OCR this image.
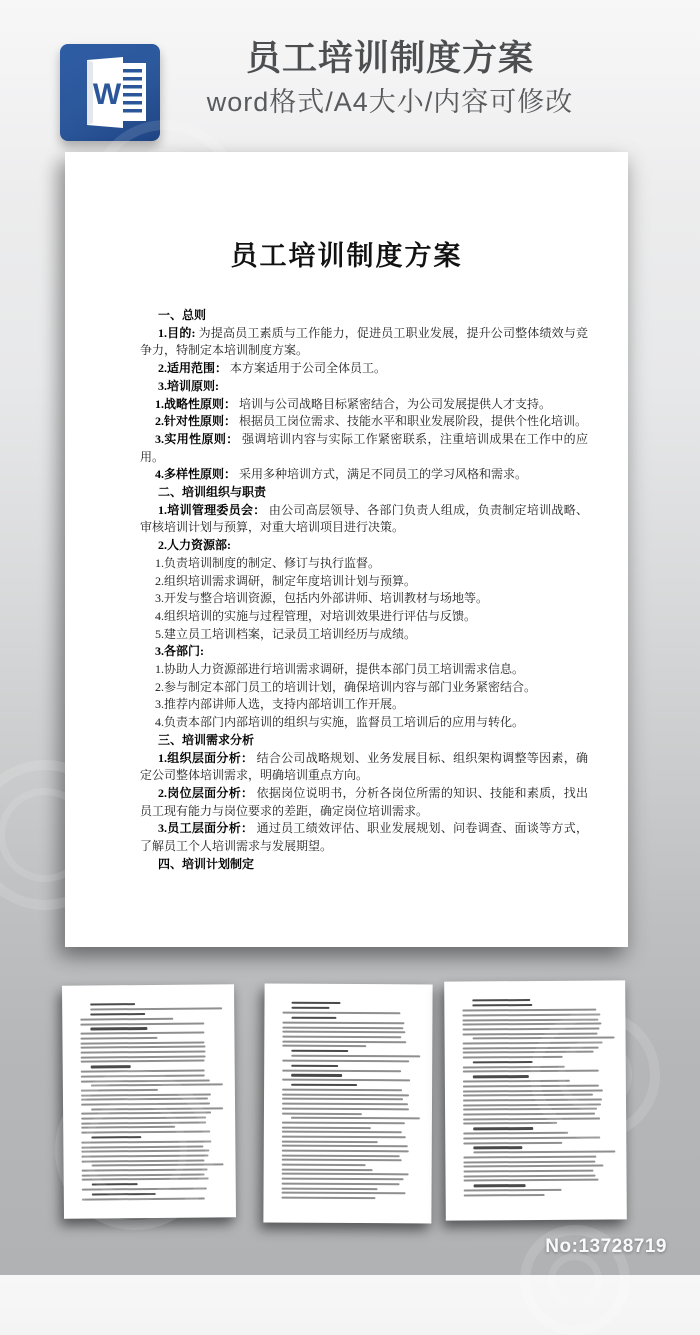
W
员工培训制度方案
word格式/A4大小/内容可修改
员工培训制度方案

一、总则

1.目的: 为提高员工素质与工作能力，促进员工职业发展，提升公司整体绩效与竞争力，特制定本培训制度方案。

2.适用范围： 本方案适用于公司全体员工。

3.培训原则:

1.战略性原则： 培训与公司战略目标紧密结合，为公司发展提供人才支持。

2.针对性原则： 根据员工岗位需求、技能水平和职业发展阶段，提供个性化培训。

3.实用性原则： 强调培训内容与实际工作紧密联系，注重培训成果在工作中的应用。

4.多样性原则： 采用多种培训方式，满足不同员工的学习风格和需求。

二、培训组织与职责

1.培训管理委员会： 由公司高层领导、各部门负责人组成，负责制定培训战略、审核培训计划与预算，对重大培训项目进行决策。

2.人力资源部:

1.负责培训制度的制定、修订与执行监督。

2.组织培训需求调研，制定年度培训计划与预算。

3.开发与整合培训资源，包括内外部讲师、培训教材与场地等。

4.组织培训的实施与过程管理，对培训效果进行评估与反馈。

5.建立员工培训档案，记录员工培训经历与成绩。

3.各部门:

1.协助人力资源部进行培训需求调研，提供本部门员工培训需求信息。

2.参与制定本部门员工的培训计划，确保培训内容与部门业务紧密结合。

3.推荐内部讲师人选，支持内部培训工作开展。

4.负责本部门内部培训的组织与实施，监督员工培训后的应用与转化。

三、培训需求分析

1.组织层面分析： 结合公司战略规划、业务发展目标、组织架构调整等因素，确定公司整体培训需求，明确培训重点方向。

2.岗位层面分析： 依据岗位说明书，分析各岗位所需的知识、技能和素质，找出员工现有能力与岗位要求的差距，确定岗位培训需求。

3.员工层面分析： 通过员工绩效评估、职业发展规划、问卷调查、面谈等方式，了解员工个人培训需求与发展期望。

四、培训计划制定

No:13728719
